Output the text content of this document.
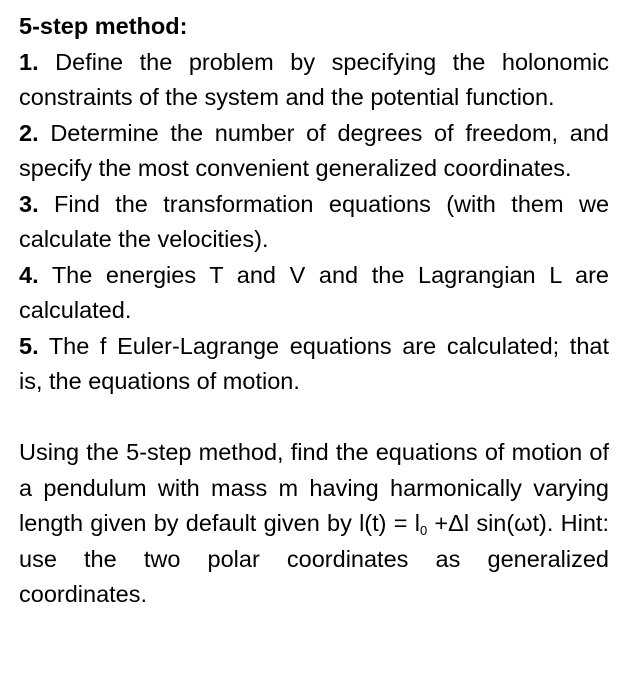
5-step method:
1. Define the problem by specifying the holonomic constraints of the system and the potential function.
2. Determine the number of degrees of freedom, and specify the most convenient generalized coordinates.
3. Find the transformation equations (with them we calculate the velocities).
4. The energies T and V and the Lagrangian L are calculated.
5. The f Euler-Lagrange equations are calculated; that is, the equations of motion.
Using the 5-step method, find the equations of motion of a pendulum with mass m having harmonically varying length given by default given by $l(t) = l_0 +\Delta l$ sin(ωt). Hint: use the two polar coordinates as generalized coordinates.
